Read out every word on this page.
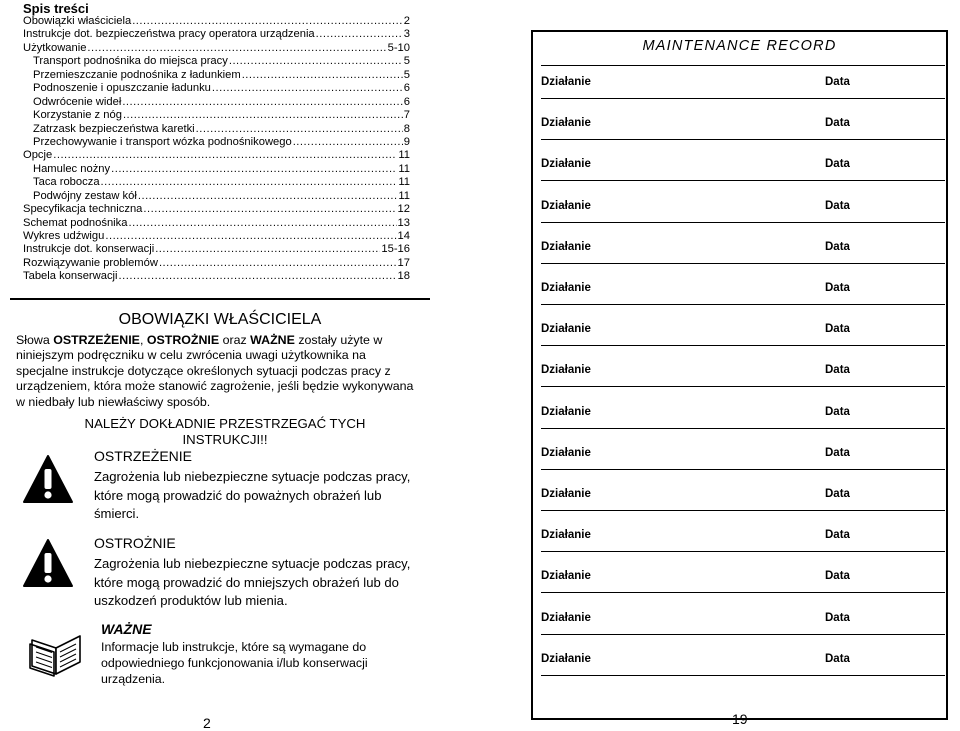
Spis treści
Obowiązki właściciela .....	2
Instrukcje dot. bezpieczeństwa pracy operatora urządzenia .....	3
Użytkowanie .....	5-10
Transport podnośnika do miejsca pracy .....	5
Przemieszczanie podnośnika z ładunkiem .....	5
Podnoszenie i opuszczanie ładunku .....	6
Odwrócenie wideł .....	6
Korzystanie z nóg .....	7
Zatrzask bezpieczeństwa karetki .....	8
Przechowywanie i transport wózka podnośnikowego .....	9
Opcje .....	11
Hamulec nożny .....	11
Taca robocza .....	11
Podwójny zestaw kół .....	11
Specyfikacja techniczna .....	12
Schemat podnośnika .....	13
Wykres udźwigu .....	14
Instrukcje dot. konserwacji .....	15-16
Rozwiązywanie problemów .....	17
Tabela konserwacji .....	18
OBOWIĄZKI WŁAŚCICIELA
Słowa OSTRZEŻENIE, OSTROŻNIE oraz WAŻNE zostały użyte w niniejszym podręczniku w celu zwrócenia uwagi użytkownika na specjalne instrukcje dotyczące określonych sytuacji podczas pracy z urządzeniem, która może stanowić zagrożenie, jeśli będzie wykonywana w niedbały lub niewłaściwy sposób.
NALEŻY DOKŁADNIE PRZESTRZEGAĆ TYCH INSTRUKCJI!!
OSTRZEŻENIE
Zagrożenia lub niebezpieczne sytuacje podczas pracy, które mogą prowadzić do poważnych obrażeń lub śmierci.
OSTROŻNIE
Zagrożenia lub niebezpieczne sytuacje podczas pracy, które mogą prowadzić do mniejszych obrażeń lub do uszkodzeń produktów lub mienia.
WAŻNE
Informacje lub instrukcje, które są wymagane do odpowiedniego funkcjonowania i/lub konserwacji urządzenia.
2
MAINTENANCE RECORD
Działanie	Data
Działanie	Data
Działanie	Data
Działanie	Data
Działanie	Data
Działanie	Data
Działanie	Data
Działanie	Data
Działanie	Data
Działanie	Data
Działanie	Data
Działanie	Data
Działanie	Data
Działanie	Data
Działanie	Data
19
